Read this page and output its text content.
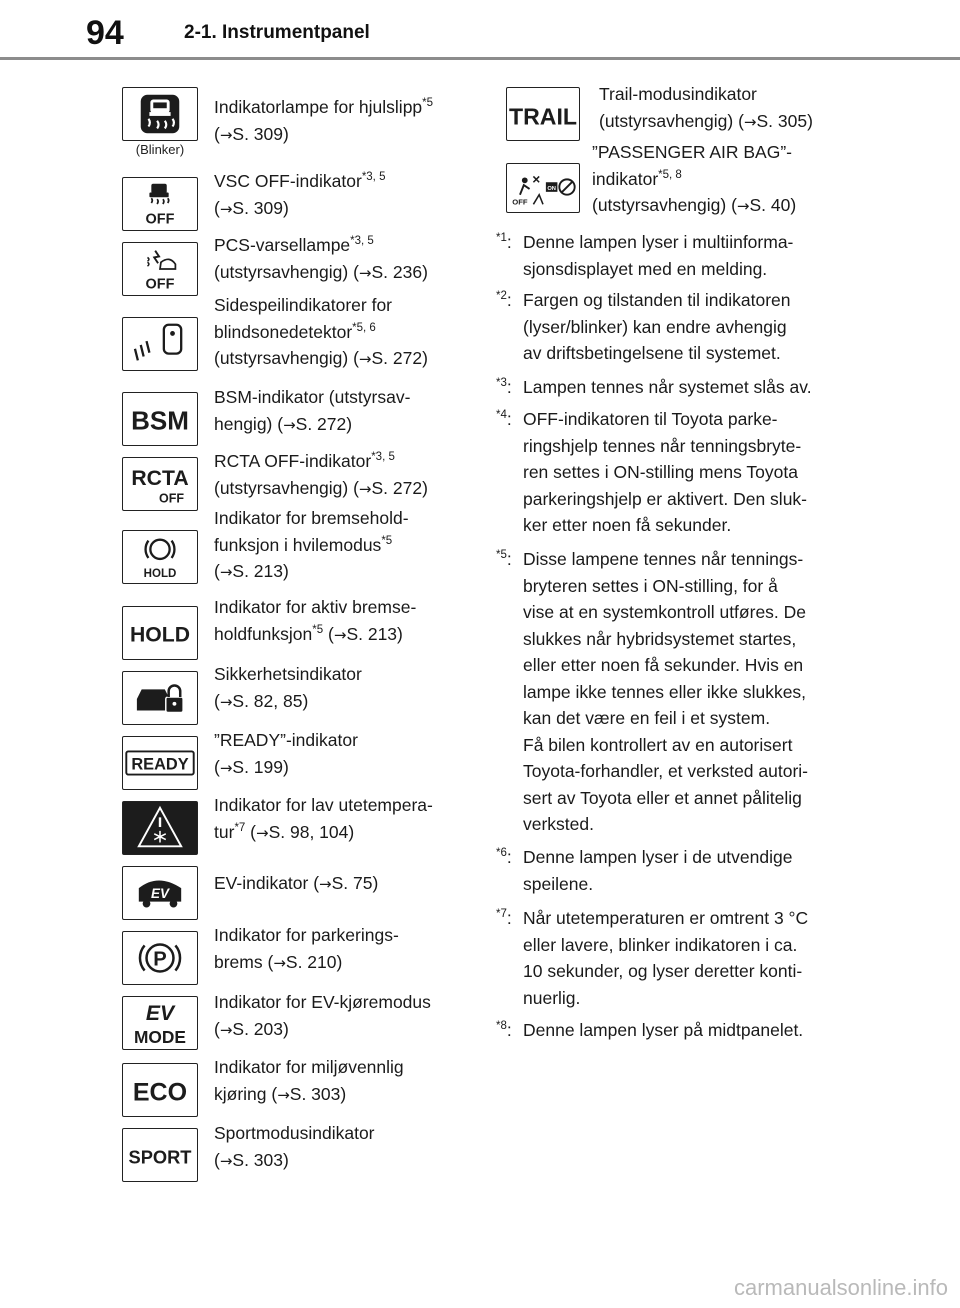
94	2-1. Instrumentpanel
(Blinker)
Indikatorlampe for hjulslipp$^{*5}$
(→S. 309)
OFF
VSC OFF-indikator$^{*3, 5}$
(→S. 309)
OFF
PCS-varsellampe$^{*3, 5}$
(utstyrsavhengig) (→S. 236)
Sidespeilindikatorer for
blindsonedetektor$^{*5, 6}$
(utstyrsavhengig) (→S. 272)
BSM
BSM-indikator (utstyrsav-
hengig) (→S. 272)
RCTA
OFF
RCTA OFF-indikator$^{*3, 5}$
(utstyrsavhengig) (→S. 272)
HOLD
Indikator for bremsehold-
funksjon i hvilemodus$^{*5}$
(→S. 213)
HOLD
Indikator for aktiv bremse-
holdfunksjon$^{*5}$ (→S. 213)
Sikkerhetsindikator
(→S. 82, 85)
READY
”READY”-indikator
(→S. 199)
Indikator for lav utetempera-
tur$^{*7}$ (→S. 98, 104)
EV
EV-indikator (→S. 75)
P
Indikator for parkerings-
brems (→S. 210)
EV
MODE
Indikator for EV-kjøremodus
(→S. 203)
ECO
Indikator for miljøvennlig
kjøring (→S. 303)
SPORT
Sportmodusindikator
(→S. 303)
TRAIL
Trail-modusindikator
(utstyrsavhengig) (→S. 305)
OFF
ON
”PASSENGER AIR BAG”-
indikator$^{*5, 8}$
(utstyrsavhengig) (→S. 40)
$^{*1}$: Denne lampen lyser i multiinforma-
sjonsdisplayet med en melding.
$^{*2}$: Fargen og tilstanden til indikatoren
(lyser/blinker) kan endre avhengig
av driftsbetingelsene til systemet.
$^{*3}$: Lampen tennes når systemet slås av.
$^{*4}$: OFF-indikatoren til Toyota parke-
ringshjelp tennes når tenningsbryte-
ren settes i ON-stilling mens Toyota
parkeringshjelp er aktivert. Den sluk-
ker etter noen få sekunder.
$^{*5}$: Disse lampene tennes når tennings-
bryteren settes i ON-stilling, for å
vise at en systemkontroll utføres. De
slukkes når hybridsystemet startes,
eller etter noen få sekunder. Hvis en
lampe ikke tennes eller ikke slukkes,
kan det være en feil i et system.
Få bilen kontrollert av en autorisert
Toyota-forhandler, et verksted autori-
sert av Toyota eller et annet pålitelig
verksted.
$^{*6}$: Denne lampen lyser i de utvendige
speilene.
$^{*7}$: Når utetemperaturen er omtrent 3 °C
eller lavere, blinker indikatoren i ca.
10 sekunder, og lyser deretter konti-
nuerlig.
$^{*8}$: Denne lampen lyser på midtpanelet.
carmanualsonline.info
